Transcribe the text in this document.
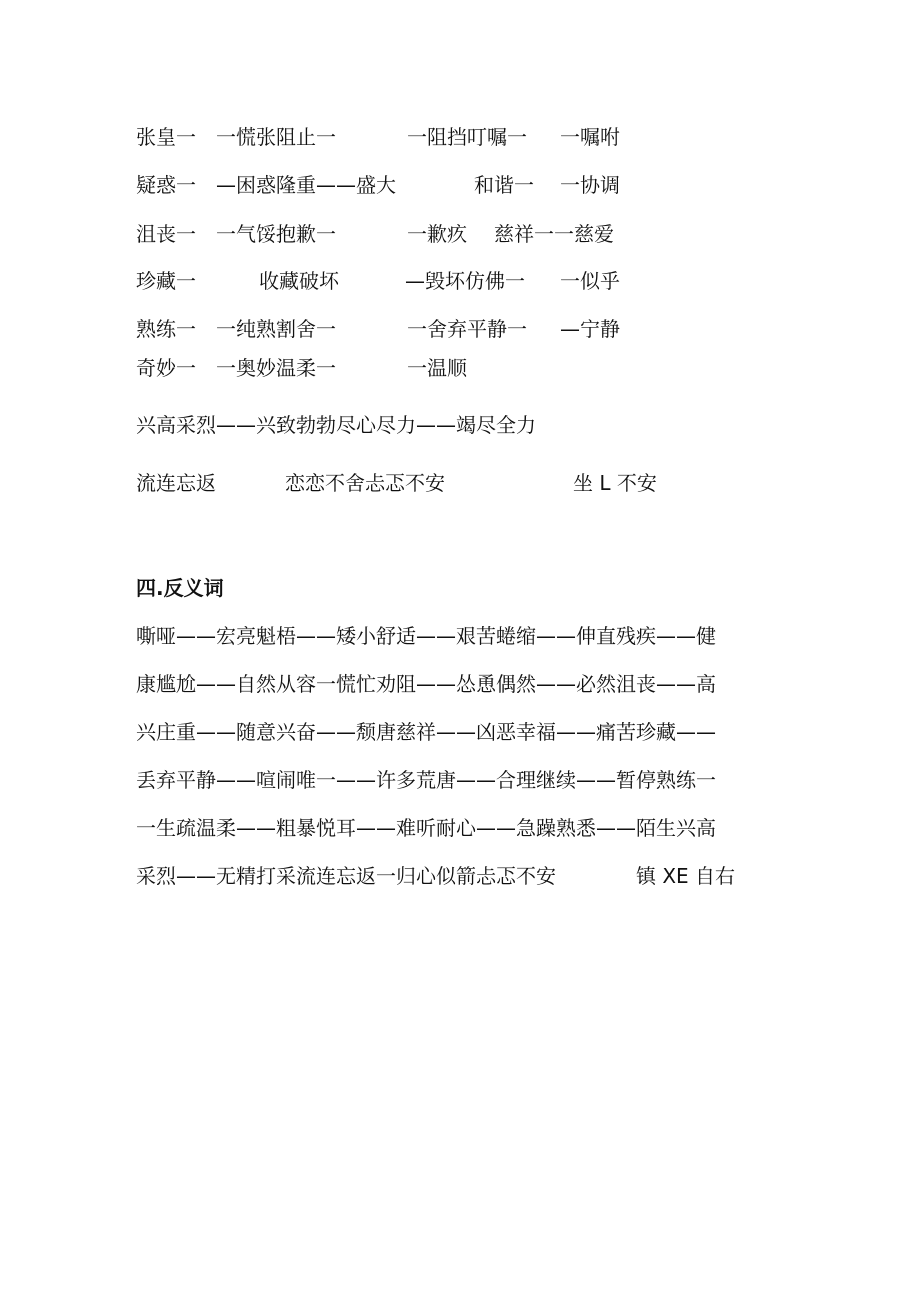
张皇一 一慌张阻止一	一阻挡叮嘱一 一嘱咐
疑惑一 —困惑隆重——盛大	和谐一 一协调
沮丧一 一气馁抱歉一	一歉疚 慈祥一一慈爱
珍藏一	收藏破坏	—毁坏仿佛一 一似乎
熟练一 一纯熟割舍一	一舍弃平静一 —宁静
奇妙一 一奥妙温柔一	一温顺
兴高采烈——兴致勃勃尽心尽力——竭尽全力
流连忘返	恋恋不舍忐忑不安	坐 L 不安
四.反义词
嘶哑——宏亮魁梧——矮小舒适——艰苦蜷缩——伸直残疾——健
康尴尬——自然从容一慌忙劝阻——怂恿偶然——必然沮丧——高
兴庄重——随意兴奋——颓唐慈祥——凶恶幸福——痛苦珍藏——
丢弃平静——喧闹唯一——许多荒唐——合理继续——暂停熟练一
一生疏温柔——粗暴悦耳——难听耐心——急躁熟悉——陌生兴高
采烈——无精打采流连忘返一归心似箭忐忑不安	镇 XE 自右
